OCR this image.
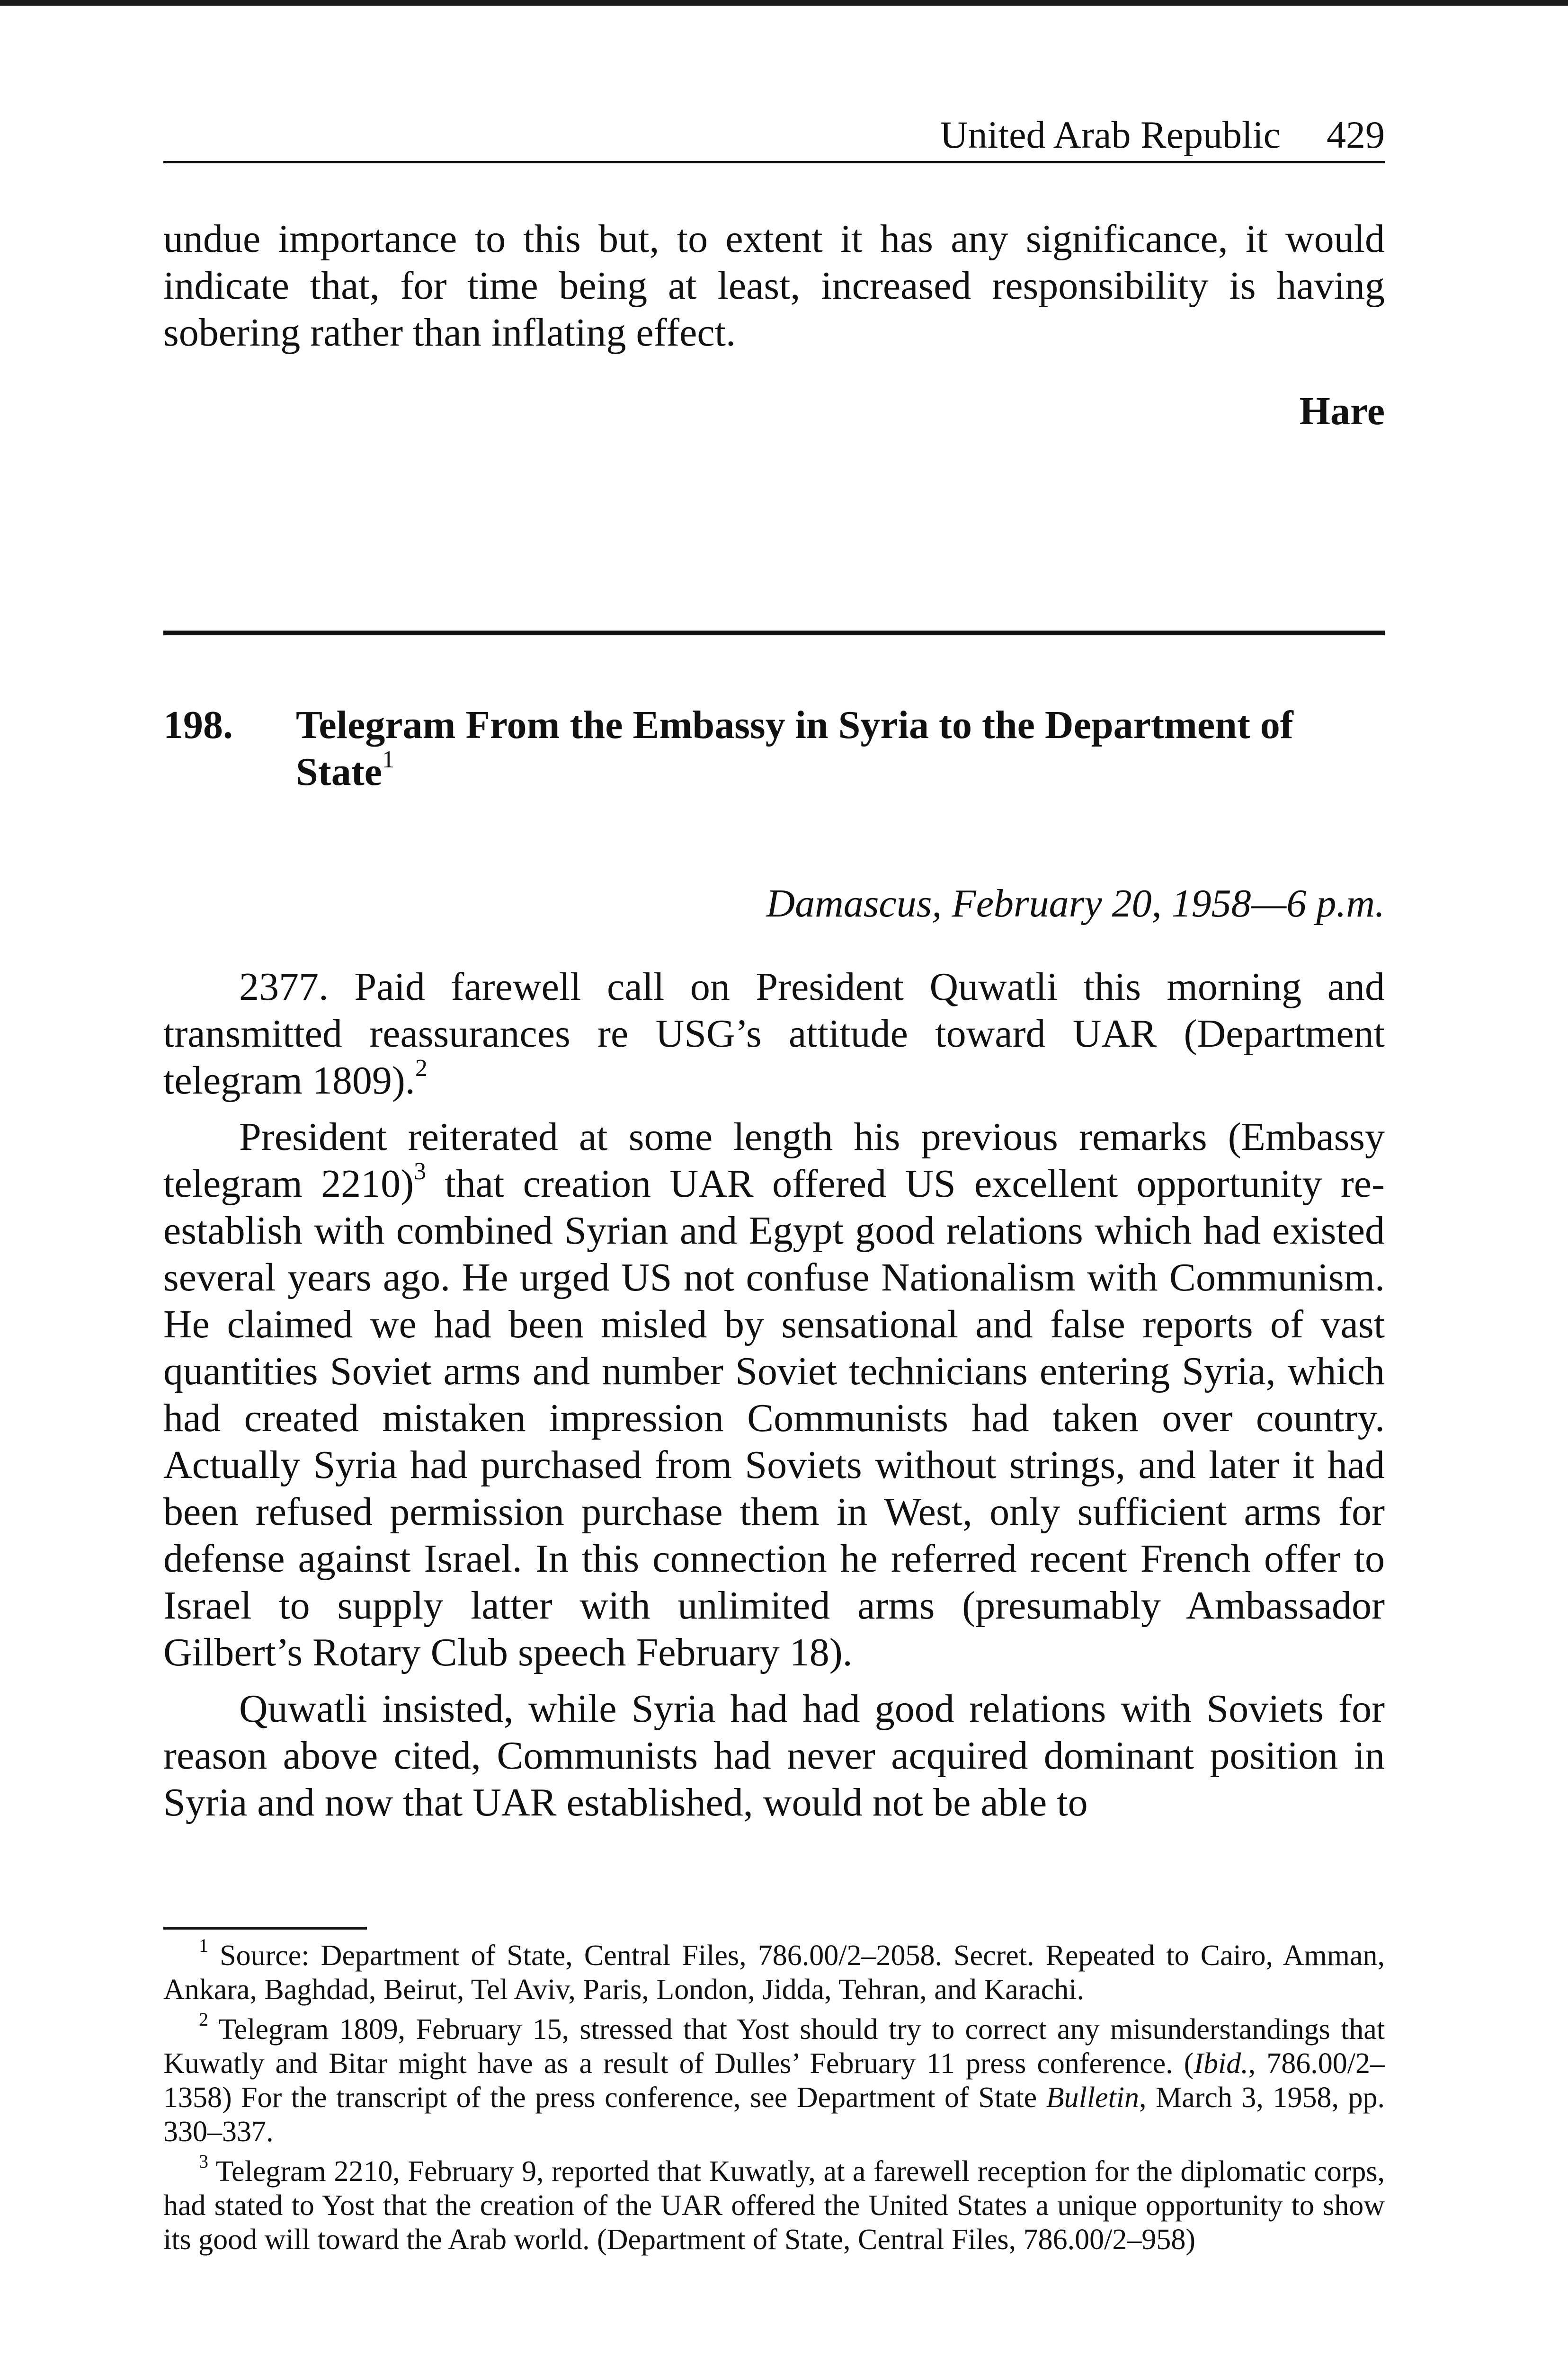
United Arab Republic 429

undue importance to this but, to extent it has any significance, it would indicate that, for time being at least, increased responsibility is having sobering rather than inflating effect.

Hare
198. Telegram From the Embassy in Syria to the Department of State$^1$
Damascus, February 20, 1958—6 p.m.

2377. Paid farewell call on President Quwatli this morning and transmitted reassurances re USG’s attitude toward UAR (Department telegram 1809).$^2$

President reiterated at some length his previous remarks (Embassy telegram 2210)$^3$ that creation UAR offered US excellent opportunity re-establish with combined Syrian and Egypt good relations which had existed several years ago. He urged US not confuse Nationalism with Communism. He claimed we had been misled by sensational and false reports of vast quantities Soviet arms and number Soviet technicians entering Syria, which had created mistaken impression Communists had taken over country. Actually Syria had purchased from Soviets without strings, and later it had been refused permission purchase them in West, only sufficient arms for defense against Israel. In this connection he referred recent French offer to Israel to supply latter with unlimited arms (presumably Ambassador Gilbert’s Rotary Club speech February 18).

Quwatli insisted, while Syria had had good relations with Soviets for reason above cited, Communists had never acquired dominant position in Syria and now that UAR established, would not be able to

$^1$ Source: Department of State, Central Files, 786.00/2–2058. Secret. Repeated to Cairo, Amman, Ankara, Baghdad, Beirut, Tel Aviv, Paris, London, Jidda, Tehran, and Karachi.

$^2$ Telegram 1809, February 15, stressed that Yost should try to correct any misunderstandings that Kuwatly and Bitar might have as a result of Dulles’ February 11 press conference. (Ibid., 786.00/2–1358) For the transcript of the press conference, see Department of State Bulletin, March 3, 1958, pp. 330–337.

$^3$ Telegram 2210, February 9, reported that Kuwatly, at a farewell reception for the diplomatic corps, had stated to Yost that the creation of the UAR offered the United States a unique opportunity to show its good will toward the Arab world. (Department of State, Central Files, 786.00/2–958)
